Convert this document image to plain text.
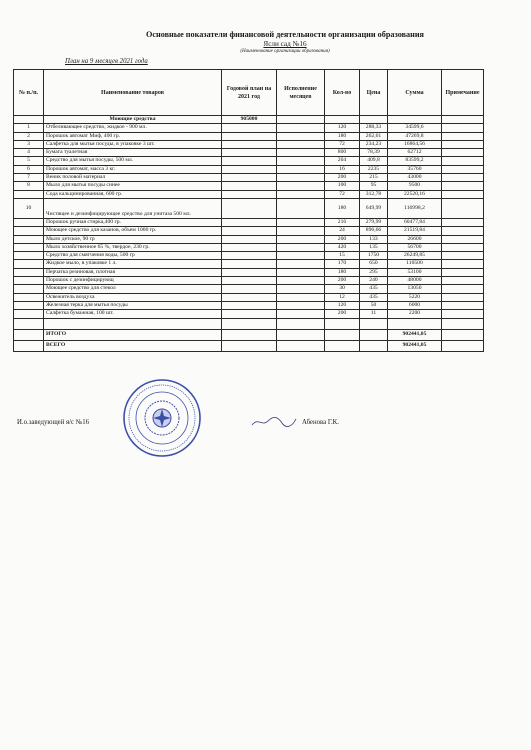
Основные показатели финансовой деятельности организации образования
Ясли сад №16
(Наименование организации образования)
План на 9 месяцев 2021 года
№ п./п.	Наименование товаров	Годовой план на 2021 год	Исполнение месяцев	Кол-во	Цена	Сумма	Примечание
	Моющие средства	905000					
1	Отбеливающее средство, жидкое - 900 мл.			120	288,33	34599,6	
2	Порошок автомат Миф, 400 гр.			180	262,61	47269,8	
3	Салфетка для мытья посуды, в упаковке 3 шт.			72	234,23	16864,56	
4	Бумага туалетная			800	78,39	62712	
5	Средство для мытья посуды, 500 мл.			204	409,8	83599,2	
6	Порошок автомат, масса 3 кг.			16	2235	35760	
7	Веник половой материал			200	215	43000	
8	Мыло для мытья посуды синее			100	95	9500	
	Сода кальцинированная, 600 гр.			72	312,78	22520,16	
10	Чистящее и дезинфицирующее средство для унитаза 500 мл.			180	649,99	116998,2	
	Порошок ручная стирка,400 гр.			216	279,99	60477,84	
	Моющее средство для казанов, объем 1000 гр.			24	896,66	21519,84	
	Мыло детское, 90 гр			200	133	26600	
	Мыло хозяйственное 65 %, твердое, 230 гр.			420	135	56700	
	Средство для смягчения воды, 500 гр			15	1750	26249,85	
	Жидкое мыло, в упаковке 1 л.			170	650	110500	
	Перчатка резиновая, плотная			180	295	53100	
	Порошок с дезинфицирующ			200	240	48000	
	Моющее средство для стекол			30	435	13050	
	Освежитель воздуха			12	435	5220	
	Железная терка для мытья посуды			120	50	6000	
	Салфетка бумажная, 100 шт.			200	11	2200	

	ИТОГО					902441,05	
	ВСЕГО					902441,05	
И.о.заведующей я/с №16	Абенова Г.К.
